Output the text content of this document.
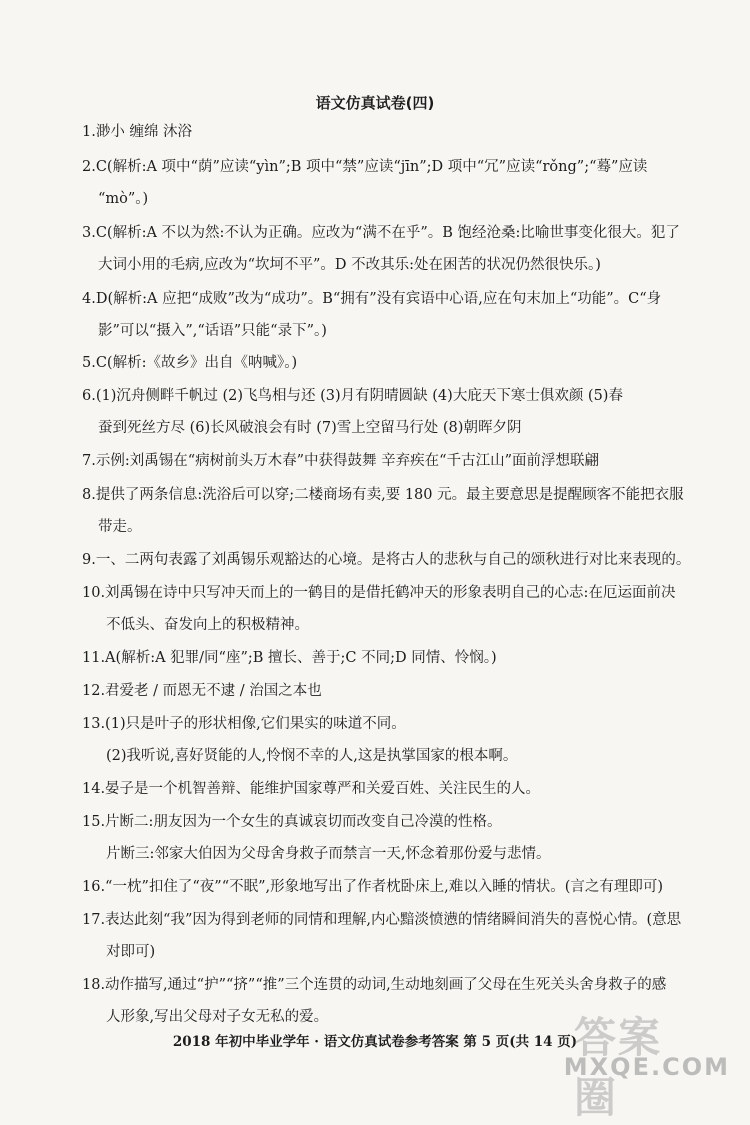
语文仿真试卷(四)
1.渺小 缠绵 沐浴
2.C(解析:A 项中“荫”应读“yìn”;B 项中“禁”应读“jīn”;D 项中“冗”应读“rǒng”;“蓦”应读
“mò”。)
3.C(解析:A 不以为然:不认为正确。应改为“满不在乎”。B 饱经沧桑:比喻世事变化很大。犯了
大词小用的毛病,应改为“坎坷不平”。D 不改其乐:处在困苦的状况仍然很快乐。)
4.D(解析:A 应把“成败”改为“成功”。B“拥有”没有宾语中心语,应在句末加上“功能”。C“身
影”可以“摄入”,“话语”只能“录下”。)
5.C(解析:《故乡》出自《呐喊》。)
6.(1)沉舟侧畔千帆过 (2)飞鸟相与还 (3)月有阴晴圆缺 (4)大庇天下寒士俱欢颜 (5)春
蚕到死丝方尽 (6)长风破浪会有时 (7)雪上空留马行处 (8)朝晖夕阴
7.示例:刘禹锡在“病树前头万木春”中获得鼓舞 辛弃疾在“千古江山”面前浮想联翩
8.提供了两条信息:洗浴后可以穿;二楼商场有卖,要 180 元。最主要意思是提醒顾客不能把衣服
带走。
9.一、二两句表露了刘禹锡乐观豁达的心境。是将古人的悲秋与自己的颂秋进行对比来表现的。
10.刘禹锡在诗中只写冲天而上的一鹤目的是借托鹤冲天的形象表明自己的心志:在厄运面前决
不低头、奋发向上的积极精神。
11.A(解析:A 犯罪/同“座”;B 擅长、善于;C 不同;D 同情、怜悯。)
12.君爱老 / 而恩无不逮 / 治国之本也
13.(1)只是叶子的形状相像,它们果实的味道不同。
(2)我听说,喜好贤能的人,怜悯不幸的人,这是执掌国家的根本啊。
14.晏子是一个机智善辩、能维护国家尊严和关爱百姓、关注民生的人。
15.片断二:朋友因为一个女生的真诚哀切而改变自己冷漠的性格。
片断三:邻家大伯因为父母舍身救子而禁言一天,怀念着那份爱与悲情。
16.“一枕”扣住了“夜”“不眠”,形象地写出了作者枕卧床上,难以入睡的情状。(言之有理即可)
17.表达此刻“我”因为得到老师的同情和理解,内心黯淡愤懑的情绪瞬间消失的喜悦心情。(意思
对即可)
18.动作描写,通过“护”“挤”“推”三个连贯的动词,生动地刻画了父母在生死关头舍身救子的感
人形象,写出父母对子女无私的爱。
2018 年初中毕业学年 · 语文仿真试卷参考答案 第 5 页(共 14 页)
答案圈
MXQE.COM
